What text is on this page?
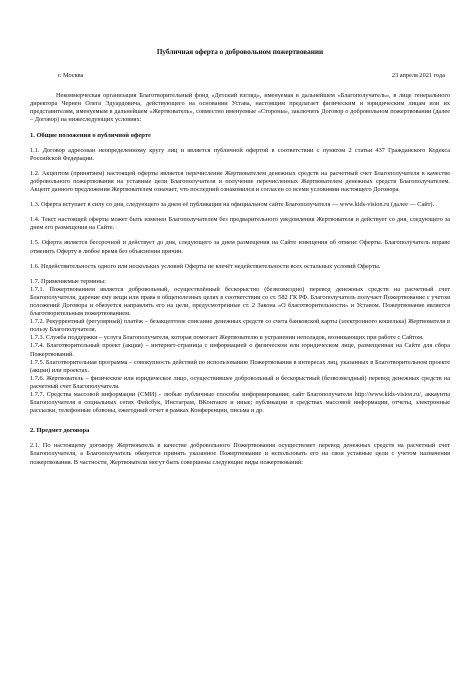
Публичная оферта о добровольном пожертвовании
г. Москва	23 апреля 2021 года

Некоммерческая организация Благотворительный фонд «Детский взгляд», именуемая в дальнейшем «Благополучатель», в лице генерального директора Чернен Олега Эдуардовича, действующего на основании Устава, настоящим предлагает физическим и юридическим лицам или их представителям, именуемым в дальнейшем «Жертвователь», совместно именуемые «Стороны», заключить Договор о добровольном пожертвовании (далее – Договор) на нижеследующих условиях:

1. Общие положения о публичной оферте

1.1. Договор адресован неопределенному кругу лиц и является публичной офертой в соответствии с пунктом 2 статьи 437 Гражданского Кодекса Российской Федерации.

1.2. Акцептом (принятием) настоящей оферты является перечисление Жертвователем денежных средств на расчетный счет Благополучателя в качестве добровольного пожертвования на уставные цели Благополучателя и получение перечисленных Жертвователем денежных средств Благополучателем. Акцепт данного предложения Жертвователем означает, что последний ознакомился и согласен со всеми условиями настоящего Договора.

1.3. Оферта вступает в силу со дня, следующего за днем её публикации на официальном сайте Благополучателя — www.kids-vision.ru (далее — Сайт).

1.4. Текст настоящей оферты может быть изменен Благополучателем без предварительного уведомления Жертвователя и действует со дня, следующего за днем его размещения на Сайте.

1.5. Оферта является бессрочной и действует до дня, следующего за днем размещения на Сайте извещения об отмене Оферты. Благополучатель вправе отменить Оферту в любое время без объяснения причин.

1.6. Недействительность одного или нескольких условий Оферты не влечёт недействительности всех остальных условий Оферты.

1.7. Применяемые термины:

1.7.1. Пожертвованием является добровольный, осуществлённый бескорыстно (безвозмездно) перевод денежных средств на расчетный счет Благополучателя, дарение ему вещи или права в общеполезных целях в соответствии со ст. 582 ГК РФ. Благополучатель получает Пожертвование с учетом положений Договора и обязуется направлять его на цели, предусмотренные ст. 2 Закона «О благотворительности» и Уставом. Пожертвование является благотворительным пожертвованием.

1.7.2. Рекуррентный (регулярный) платёж – безакцептное списание денежных средств со счета банковской карты (электронного кошелька) Жертвователя в пользу Благополучателя.

1.7.3. Служба поддержки – услуга Благополучателя, которая помогает Жертвователю в устранении неполадок, возникающих при работе с Сайтом.

1.7.4. Благотворительный проект (акция) – интернет-страница с информацией о физическом или юридическом лице, размещенная на Сайте для сбора Пожертвований.

1.7.5. Благотворительная программа – совокупность действий по использованию Пожертвования в интересах лиц, указанных в Благотворительном проекте (акции) или проектах.

1.7.6. Жертвователь – физическое или юридическое лицо, осуществившее добровольный и бескорыстный (безвозмездный) перевод денежных средств на расчетный счет Благополучателя.

1.7.7. Средства массовой информации (СМИ) - любые публичные способы информирования; сайт Благополучателя http://www.kids-vision.ru/, аккаунты Благополучателя в социальных сетях Фейсбук, Инстаграм, ВКонтакте и иные; публикации в средствах массовой информации, отчеты, электронные рассылки, телефонные обзвоны, ежегодный отчет в рамках Конференции, письма и др.

2. Предмет договора

2.1. По настоящему договору Жертвователь в качестве добровольного Пожертвования осуществляет перевод денежных средств на расчетный счет Благополучателя, а Благополучатель обязуется принять указанное Пожертвование и использовать его на свои уставные цели с учетом назначения пожертвования. В частности, Жертвователи могут быть совершены следующие виды пожертвований:
